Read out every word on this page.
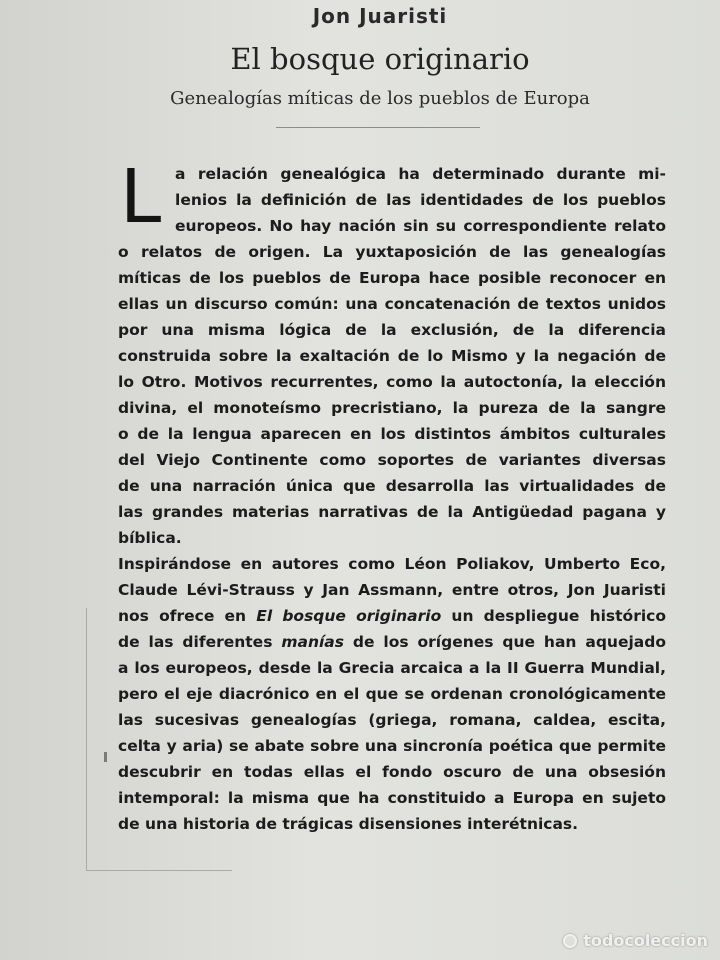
Jon Juaristi
El bosque originario
Genealogías míticas de los pueblos de Europa
L a relación genealógica ha determinado durante mi-
lenios la definición de las identidades de los pueblos
europeos. No hay nación sin su correspondiente relato
o relatos de origen. La yuxtaposición de las genealogías
míticas de los pueblos de Europa hace posible reconocer en
ellas un discurso común: una concatenación de textos unidos
por una misma lógica de la exclusión, de la diferencia
construida sobre la exaltación de lo Mismo y la negación de
lo Otro. Motivos recurrentes, como la autoctonía, la elección
divina, el monoteísmo precristiano, la pureza de la sangre
o de la lengua aparecen en los distintos ámbitos culturales
del Viejo Continente como soportes de variantes diversas
de una narración única que desarrolla las virtualidades de
las grandes materias narrativas de la Antigüedad pagana y
bíblica.
Inspirándose en autores como Léon Poliakov, Umberto Eco,
Claude Lévi-Strauss y Jan Assmann, entre otros, Jon Juaristi
nos ofrece en El bosque originario un despliegue histórico
de las diferentes manías de los orígenes que han aquejado
a los europeos, desde la Grecia arcaica a la II Guerra Mundial,
pero el eje diacrónico en el que se ordenan cronológicamente
las sucesivas genealogías (griega, romana, caldea, escita,
celta y aria) se abate sobre una sincronía poética que permite
descubrir en todas ellas el fondo oscuro de una obsesión
intemporal: la misma que ha constituido a Europa en sujeto
de una historia de trágicas disensiones interétnicas.
todocoleccion
